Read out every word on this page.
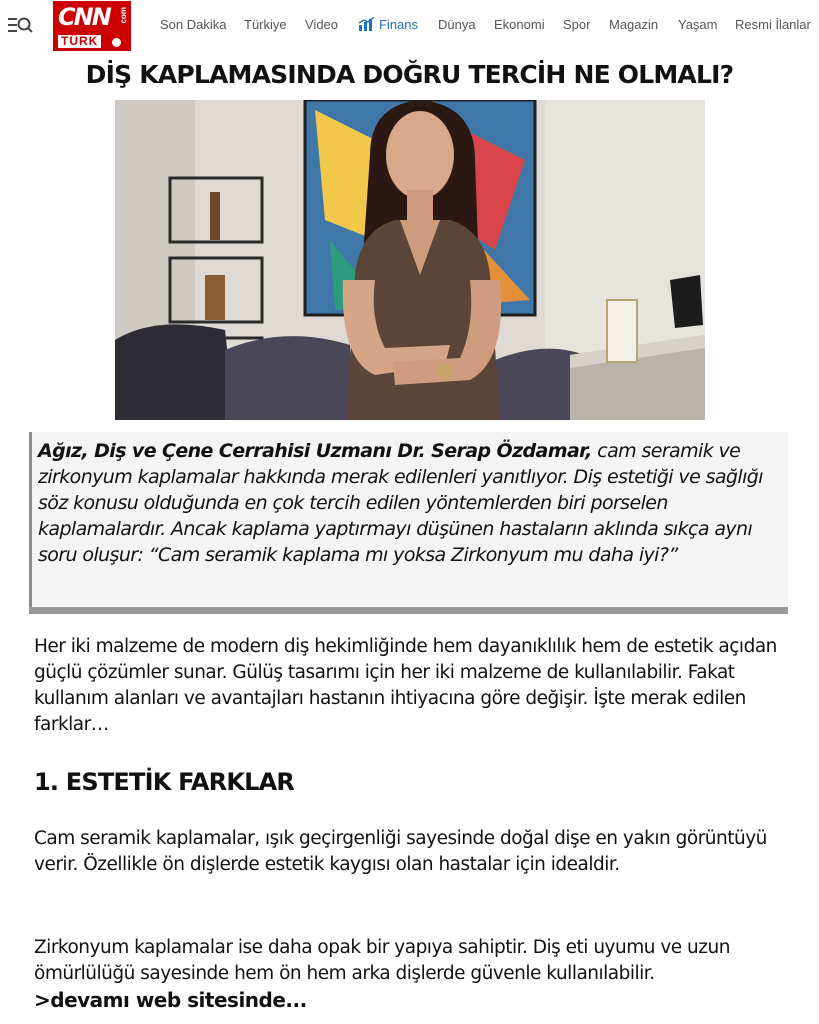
CNN com
TÜRK
Son Dakika Türkiye Video	Finans Dünya Ekonomi Spor Magazin Yaşam Resmi İlanlar
DİŞ KAPLAMASINDA DOĞRU TERCİH NE OLMALI?

Ağız, Diş ve Çene Cerrahisi Uzmanı Dr. Serap Özdamar, cam seramik ve zirkonyum kaplamalar hakkında merak edilenleri yanıtlıyor. Diş estetiği ve sağlığı söz konusu olduğunda en çok tercih edilen yöntemlerden biri porselen kaplamalardır. Ancak kaplama yaptırmayı düşünen hastaların aklında sıkça aynı soru oluşur: “Cam seramik kaplama mı yoksa Zirkonyum mu daha iyi?”

Her iki malzeme de modern diş hekimliğinde hem dayanıklılık hem de estetik açıdan güçlü çözümler sunar. Gülüş tasarımı için her iki malzeme de kullanılabilir. Fakat kullanım alanları ve avantajları hastanın ihtiyacına göre değişir. İşte merak edilen farklar…

1. ESTETİK FARKLAR

Cam seramik kaplamalar, ışık geçirgenliği sayesinde doğal dişe en yakın görüntüyü verir. Özellikle ön dişlerde estetik kaygısı olan hastalar için idealdir.

Zirkonyum kaplamalar ise daha opak bir yapıya sahiptir. Diş eti uyumu ve uzun ömürlülüğü sayesinde hem ön hem arka dişlerde güvenle kullanılabilir.
>devamı web sitesinde...
